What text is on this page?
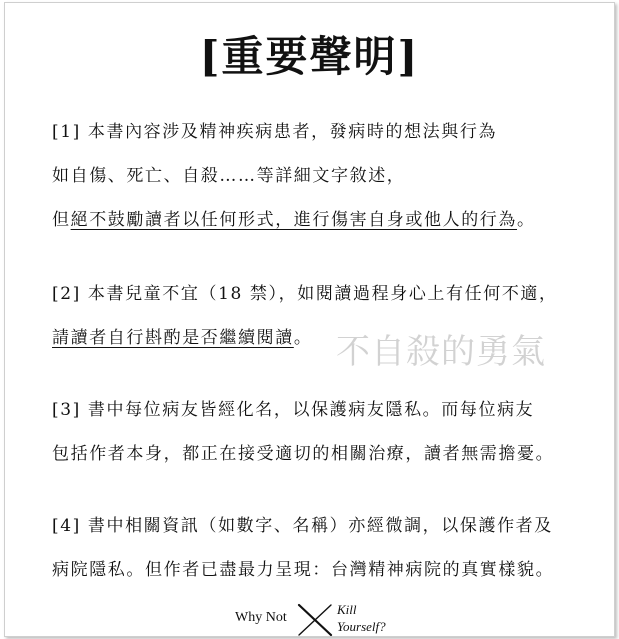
[重要聲明]
[1] 本書內容涉及精神疾病患者，發病時的想法與行為
如自傷、死亡、自殺……等詳細文字敘述，
但絕不鼓勵讀者以任何形式，進行傷害自身或他人的行為。
[2] 本書兒童不宜（18 禁），如閱讀過程身心上有任何不適，
請讀者自行斟酌是否繼續閱讀。 不自殺的勇氣
[3] 書中每位病友皆經化名，以保護病友隱私。而每位病友
包括作者本身，都正在接受適切的相關治療，讀者無需擔憂。
[4] 書中相關資訊（如數字、名稱）亦經微調，以保護作者及
病院隱私。但作者已盡最力呈現：台灣精神病院的真實樣貌。
Why Not
Kill
Yourself?
